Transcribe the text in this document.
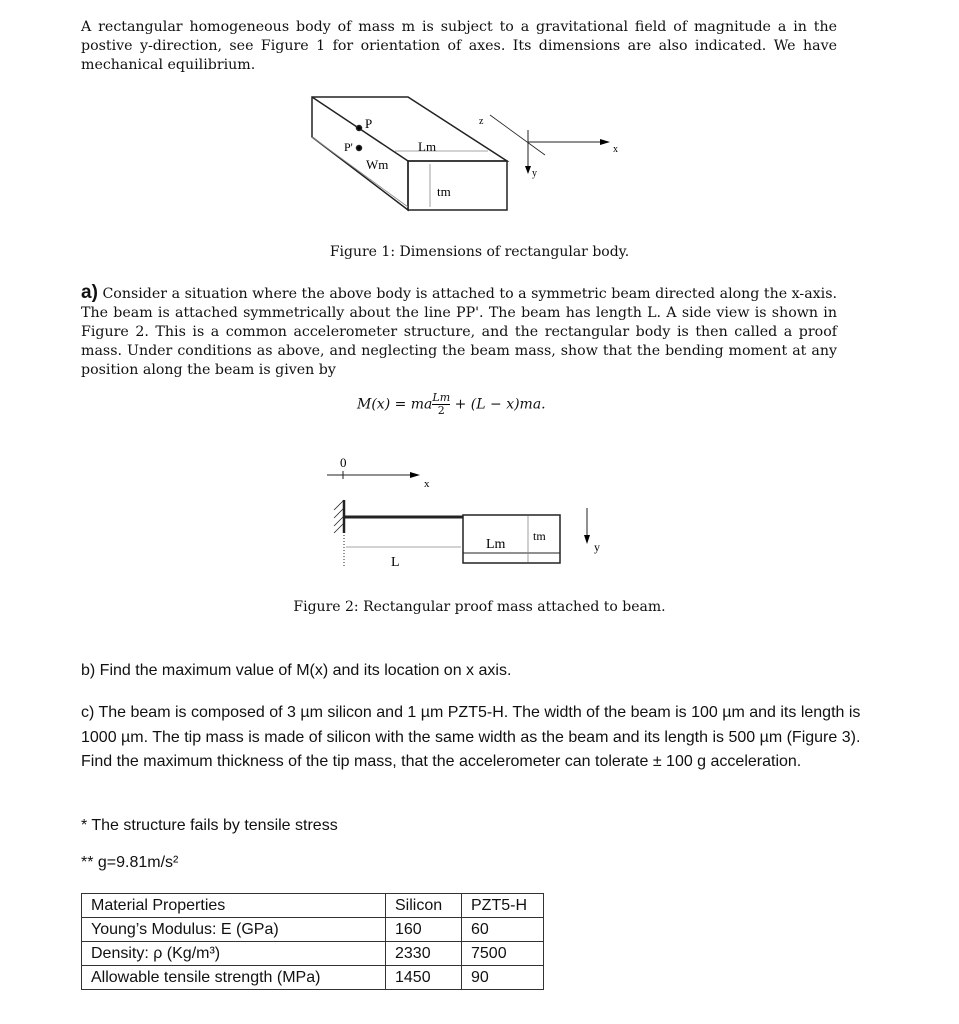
A rectangular homogeneous body of mass m is subject to a gravitational field of magnitude a in the postive y-direction, see Figure 1 for orientation of axes. Its dimensions are also indicated. We have mechanical equilibrium.
P
P'	Lm
Wm
tm
x
y
z
0
x
L
Lm
tm
y
Figure 1: Dimensions of rectangular body.
a) Consider a situation where the above body is attached to a symmetric beam directed along the x-axis. The beam is attached symmetrically about the line PP'. The beam has length L. A side view is shown in Figure 2. This is a common accelerometer structure, and the rectangular body is then called a proof mass. Under conditions as above, and neglecting the beam mass, show that the bending moment at any position along the beam is given by
M(x) = ma $\frac{Lm}{2} + (L - x)ma$.
Figure 2: Rectangular proof mass attached to beam.
b) Find the maximum value of M(x) and its location on x axis.
c) The beam is composed of 3 µm silicon and 1 µm PZT5-H. The width of the beam is 100 µm and its length is 1000 µm. The tip mass is made of silicon with the same width as the beam and its length is 500 µm (Figure 3). Find the maximum thickness of the tip mass, that the accelerometer can tolerate ± 100 g acceleration.
* The structure fails by tensile stress
** g=9.81m/s²
Material Properties	Silicon	PZT5-H
Young’s Modulus: E (GPa)	160	60
Density: ρ (Kg/m³)	2330	7500
Allowable tensile strength (MPa)	1450	90
